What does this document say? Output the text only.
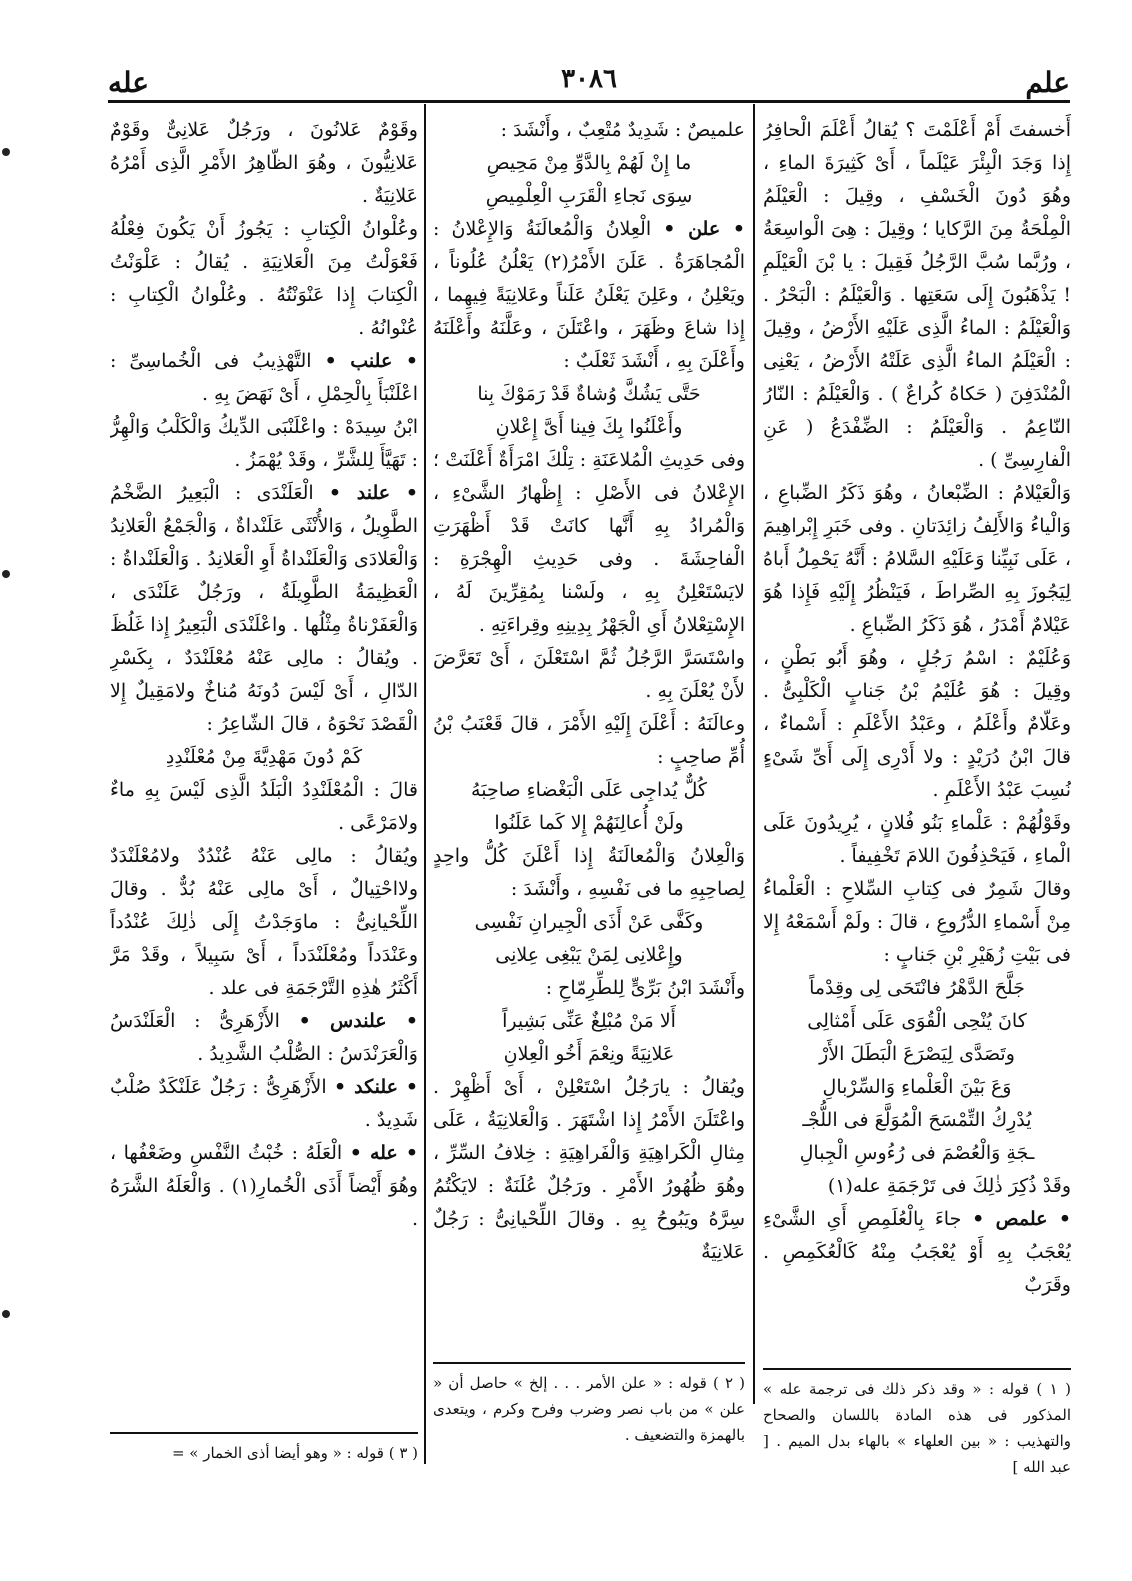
علم
٣٠٨٦
عله

أَخسفتَ أَمْ أَعْلَمْتَ ؟ يُقالُ أَعْلَمَ الْحافِرُ إِذا وَجَدَ الْبِئْرَ عَيْلَماً ، أَىْ كَثِيرَةَ الماءِ ، وهُوَ دُونَ الْخَسْفِ ، وقِيلَ : الْعَيْلَمُ الْمِلْحَةُ مِنَ الرَّكايا ؛ وقِيلَ : هِىَ الْواسِعَةُ ، ورُبَّما سُبَّ الرَّجُلُ فَقِيلَ : يا بْنَ الْعَيْلَمِ ! يَذْهَبُونَ إِلَى سَعَتِها . وَالْعَيْلَمُ : الْبَحْرُ . وَالْعَيْلَمُ : الماءُ الَّذِى عَلَيْهِ الأَرْضُ ، وقِيلَ : الْعَيْلَمُ الماءُ الَّذِى عَلَتْهُ الأَرْضُ ، يَعْنِى الْمُنْدَفِنَ ( حَكاهُ كُراعٌ ) . وَالْعَيْلَمُ : النّارُ النّاعِمُ . وَالْعَيْلَمُ : الضِّفْدَعُ ( عَنِ الْفارِسِىِّ ) .

وَالْعَيْلامُ : الضِّبْعانُ ، وهُوَ ذَكَرُ الضِّباعِ ، وَالْياءُ وَالأَلِفُ زائِدَتانِ . وفى خَبَرِ إِبْراهِيمَ ، عَلَى نَبِيِّنا وَعَلَيْهِ السَّلامُ : أَنَّهُ يَحْمِلُ أَباهُ لِيَجُوزَ بِهِ الصِّراطَ ، فَيَنْظُرُ إِلَيْهِ فَإِذا هُوَ عَيْلامٌ أَمْدَرُ ، هُوَ ذَكَرُ الضِّباعِ .

وَعُلَيْمٌ : اسْمُ رَجُلٍ ، وهُوَ أَبُو بَطْنٍ ، وقِيلَ : هُوَ عُلَيْمُ بْنُ جَنابٍ الْكَلْبِىُّ . وعَلّامٌ وأَعْلَمُ ، وعَبْدُ الأَعْلَمِ : أَسْماءٌ ، قالَ ابْنُ دُرَيْدٍ : ولا أَدْرِى إِلَى أَىِّ شَىْءٍ نُسِبَ عَبْدُ الأَعْلَمِ .

وقَوْلُهُمْ : عَلْماءِ بَنُو فُلانٍ ، يُرِيدُونَ عَلَى الْماءِ ، فَيَحْذِفُونَ اللامَ تَخْفِيفاً .

وقالَ شَمِرٌ فى كِتابِ السِّلاحِ : الْعَلْماءُ مِنْ أَسْماءِ الدُّرُوعِ ، قالَ : ولَمْ أَسْمَعْهُ إِلا فى بَيْتِ زُهَيْرِ بْنِ جَنابٍ :

جَلَّحَ الدَّهْرُ فانْتَحَى لِى وقِدْماً

كانَ يُنْحِى الْقُوَى عَلَى أَمْثالِى

وتَصَدَّى لِيَصْرَعَ الْبَطَلَ الأَرْ

وَعَ بَيْنَ الْعَلْماءِ وَالسِّرْبالِ

يُدْرِكُ التِّمْسَحَ الْمُوَلَّعَ فى اللُّجْـ

ـجَةِ وَالْعُصْمَ فى رُءُوسِ الْجِبالِ

وقَدْ ذُكِرَ ذٰلِكَ فى تَرْجَمَةِ عله(١)

• علمص • جاءَ بِالْعُلَمِصِ أَىِ الشَّىْءِ يُعْجَبُ بِهِ أَوْ يُعْجَبُ مِنْهُ كَالْعُكَمِصِ . وقَرَبٌ

علميصٌ : شَدِيدٌ مُتْعِبٌ ، وأَنْشَدَ :

ما إِنْ لَهُمْ بِالدَّوِّ مِنْ مَحِيصِ

سِوَى نَجاءِ الْقَرَبِ الْعِلْمِيصِ

• علن • الْعِلانُ وَالْمُعالَنَةُ وَالإِعْلانُ : الْمُجاهَرَةُ . عَلَنَ الأَمْرُ(٢) يَعْلُنُ عُلُوناً ، ويَعْلِنُ ، وعَلِنَ يَعْلَنُ عَلَناً وعَلانِيَةً فِيهِما ، إِذا شاعَ وظَهَرَ ، واعْتَلَنَ ، وعَلَّنَهُ وأَعْلَنَهُ وأَعْلَنَ بِهِ ، أَنْشَدَ ثَعْلَبٌ :

حَتَّى يَشُكَّ وُشاةٌ قَدْ رَمَوْكَ بِنا

وأَعْلَنُوا بِكَ فِينا أَىَّ إِعْلانِ

وفى حَدِيثِ الْمُلاعَنَةِ : تِلْكَ امْرَأَةٌ أَعْلَنَتْ ؛ الإِعْلانُ فى الأَصْلِ : إِظْهارُ الشَّىْءِ ، وَالْمُرادُ بِهِ أَنَّها كانَتْ قَدْ أَظْهَرَتِ الْفاحِشَةَ . وفى حَدِيثِ الْهِجْرَةِ : لايَسْتَعْلِنُ بِهِ ، ولَسْنا بِمُقِرِّينَ لَهُ ، الإِسْتِعْلانُ أَىِ الْجَهْرُ بِدِينِهِ وقِراءَتِهِ .

واسْتَسَرَّ الرَّجُلُ ثُمَّ اسْتَعْلَنَ ، أَىْ تَعَرَّضَ لأَنْ يُعْلَنَ بِهِ .

وعالَنَهُ : أَعْلَنَ إِلَيْهِ الأَمْرَ ، قالَ قَعْنَبُ بْنُ أُمِّ صاحِبٍ :

كُلٌّ يُداجِى عَلَى الْبَغْضاءِ صاحِبَهُ

ولَنْ أُعالِنَهُمْ إِلا كَما عَلَنُوا

وَالْعِلانُ وَالْمُعالَنَةُ إِذا أَعْلَنَ كُلُّ واحِدٍ لِصاحِبِهِ ما فى نَفْسِهِ ، وأَنْشَدَ :

وكَفَّى عَنْ أَذَى الْجِيرانِ نَفْسِى

وإِعْلانِى لِمَنْ يَبْغِى عِلانِى

وأَنْشَدَ ابْنُ بَرِّىٍّ لِلطِّرِمّاحِ :

أَلا مَنْ مُبْلِغٌ عَنِّى بَشِيراً

عَلانِيَةً ونِعْمَ أَخُو الْعِلانِ

ويُقالُ : يارَجُلُ اسْتَعْلِنْ ، أَىْ أَظْهِرْ . واعْتَلَنَ الأَمْرُ إِذا اشْتَهَرَ . وَالْعَلانِيَةُ ، عَلَى مِثالِ الْكَراهِيَةِ وَالْفَراهِيَةِ : خِلافُ السِّرِّ ، وهُوَ ظُهُورُ الأَمْرِ . ورَجُلٌ عُلَنَةٌ : لايَكْتُمُ سِرَّهُ ويَبُوحُ بِهِ . وقالَ اللِّحْيانِىُّ : رَجُلٌ عَلانِيَةٌ

وقَوْمٌ عَلانُونَ ، ورَجُلٌ عَلانِىٌّ وقَوْمٌ عَلانِيُّونَ ، وهُوَ الظّاهِرُ الأَمْرِ الَّذِى أَمْرُهُ عَلانِيَةٌ .

وعُلْوانُ الْكِتابِ : يَجُوزُ أَنْ يَكُونَ فِعْلُهُ فَعْوَلْتُ مِنَ الْعَلانِيَةِ . يُقالُ : عَلْوَنْتُ الْكِتابَ إِذا عَنْوَنْتُهُ . وعُلْوانُ الْكِتابِ : عُنْوانُهُ .

• علنب • التَّهْذِيبُ فى الْخُماسِىِّ : اعْلَنْبَأَ بِالْحِمْلِ ، أَىْ نَهَضَ بِهِ .

ابْنُ سِيدَهْ : واعْلَنْبَى الدِّيكُ وَالْكَلْبُ وَالْهِرُّ : تَهَيَّأَ لِلشَّرِّ ، وقَدْ يُهْمَزُ .

• علند • الْعَلَنْدَى : الْبَعِيرُ الضَّخْمُ الطَّوِيلُ ، وَالأُنْثَى عَلَنْداةٌ ، وَالْجَمْعُ الْعَلانِدُ وَالْعَلادَى وَالْعَلَنْداةُ أَوِ الْعَلانِدُ . وَالْعَلَنْداةُ : الْعَظِيمَةُ الطَّوِيلَةُ ، ورَجُلٌ عَلَنْدَى ، وَالْعَفَرْناةُ مِثْلُها . واعْلَنْدَى الْبَعِيرُ إِذا غَلُظَ . ويُقالُ : مالِى عَنْهُ مُعْلَنْدَدٌ ، بِكَسْرِ الدّالِ ، أَىْ لَيْسَ دُونَهُ مُناخٌ ولامَقِيلٌ إِلا الْقَصْدَ نَحْوَهُ ، قالَ الشّاعِرُ :

كَمْ دُونَ مَهْدِيَّةَ مِنْ مُعْلَنْدِدِ

قالَ : الْمُعْلَنْدِدُ الْبَلَدُ الَّذِى لَيْسَ بِهِ ماءٌ ولامَرْعًى .

ويُقالُ : مالِى عَنْهُ عُنْدُدٌ ولامُعْلَنْدَدٌ ولااحْتِيالٌ ، أَىْ مالِى عَنْهُ بُدٌّ . وقالَ اللِّحْيانِىُّ : ماوَجَدْتُ إِلَى ذٰلِكَ عُنْدُداً وعَنْدَداً ومُعْلَنْدَداً ، أَىْ سَبِيلاً ، وقَدْ مَرَّ أَكْثَرُ هٰذِهِ التَّرْجَمَةِ فى علد .

• علندس • الأَزْهَرِىُّ : الْعَلَنْدَسُ وَالْعَرَنْدَسُ : الصُّلْبُ الشَّدِيدُ .

• علنكد • الأَزْهَرِىُّ : رَجُلٌ عَلَنْكَدٌ صُلْبٌ شَدِيدٌ .

• عله • الْعَلَهُ : خُبْثُ النَّفْسِ وضَعْفُها ، وهُوَ أَيْضاً أَذَى الْخُمارِ(١) . وَالْعَلَهُ الشَّرَهُ .

( ١ ) قوله : « وقد ذكر ذلك فى ترجمة عله » المذكور فى هذه المادة باللسان والصحاح والتهذيب : « بين العلهاء » بالهاء بدل الميم . [ عبد الله ]

( ٢ ) قوله : « علن الأمر . . . إلخ » حاصل أن « علن » من باب نصر وضرب وفرح وكرم ، ويتعدى بالهمزة والتضعيف .

( ٣ ) قوله : « وهو أيضا أذى الخمار » =
